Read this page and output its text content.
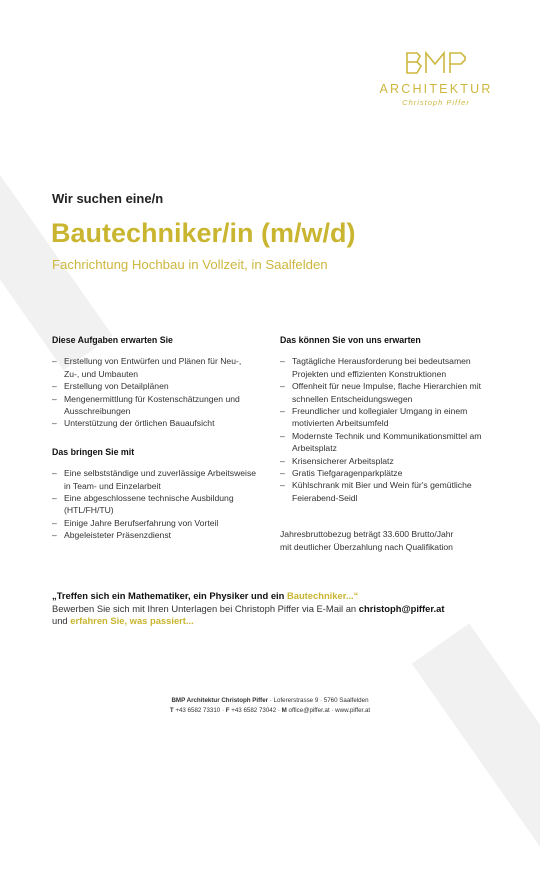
BMP
ARCHITEKTUR
Christoph Piffer
Wir suchen eine/n
Bautechniker/in (m/w/d)
Fachrichtung Hochbau in Vollzeit, in Saalfelden
Diese Aufgaben erwarten Sie
– Erstellung von Entwürfen und Plänen für Neu-, Zu-, und Umbauten
– Erstellung von Detailplänen
– Mengenermittlung für Kostenschätzungen und Ausschreibungen
– Unterstützung der örtlichen Bauaufsicht
Das bringen Sie mit
– Eine selbstständige und zuverlässige Arbeitsweise in Team- und Einzelarbeit
– Eine abgeschlossene technische Ausbildung (HTL/FH/TU)
– Einige Jahre Berufserfahrung von Vorteil
– Abgeleisteter Präsenzdienst
Das können Sie von uns erwarten
– Tagtägliche Herausforderung bei bedeutsamen Projekten und effizienten Konstruktionen
– Offenheit für neue Impulse, flache Hierarchien mit schnellen Entscheidungswegen
– Freundlicher und kollegialer Umgang in einem motivierten Arbeitsumfeld
– Modernste Technik und Kommunikationsmittel am Arbeitsplatz
– Krisensicherer Arbeitsplatz
– Gratis Tiefgaragenparkplätze
– Kühlschrank mit Bier und Wein für's gemütliche Feierabend-Seidl

Jahresbruttobezug beträgt 33.600 Brutto/Jahr

mit deutlicher Überzahlung nach Qualifikation

„Treffen sich ein Mathematiker, ein Physiker und ein Bautechniker...“
Bewerben Sie sich mit Ihren Unterlagen bei Christoph Piffer via E-Mail an christoph@piffer.at
und erfahren Sie, was passiert...
BMP Architektur Christoph Piffer · Lofererstrasse 9 · 5760 Saalfelden
T +43 6582 73310 · F +43 6582 73042 · M office@piffer.at · www.piffer.at
